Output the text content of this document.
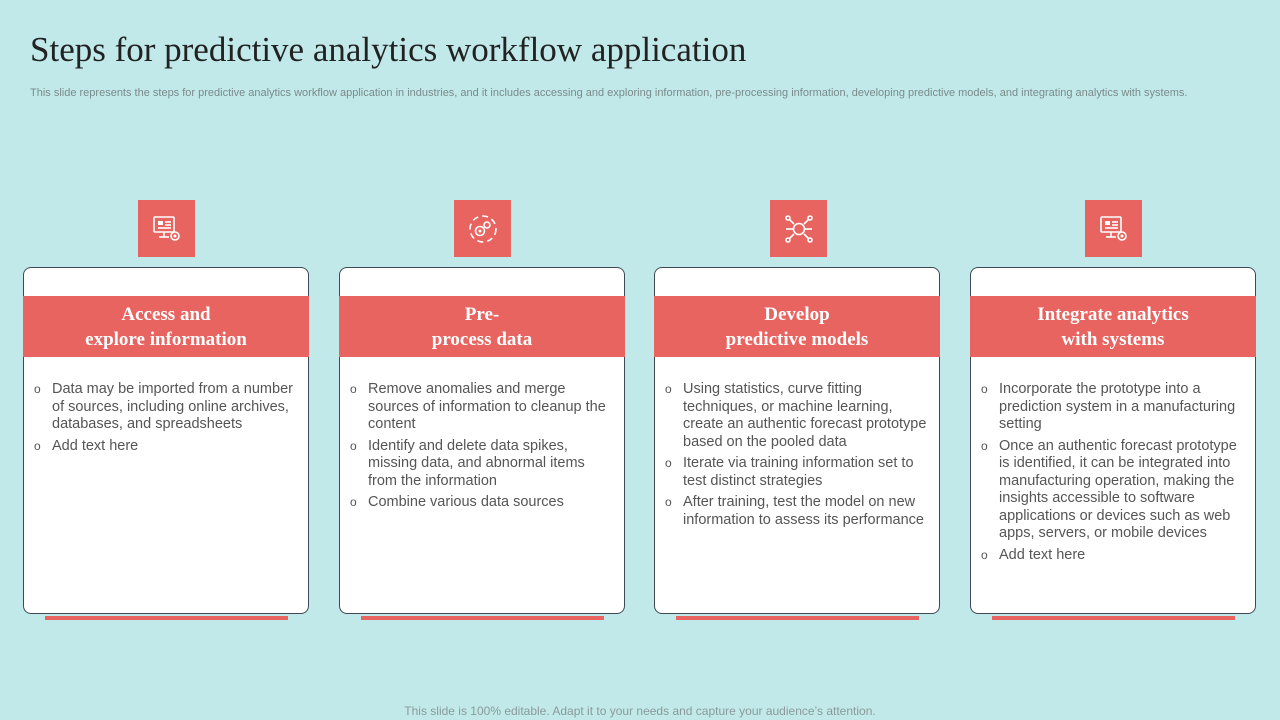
Steps for predictive analytics workflow application
This slide represents the steps for predictive analytics workflow application in industries, and it includes accessing and exploring information, pre-processing information, developing predictive models, and integrating analytics with systems.
Access and
explore information
o Data may be imported from a number of sources, including online archives, databases, and spreadsheets
o Add text here
Pre-
process data
o Remove anomalies and merge sources of information to cleanup the content
o Identify and delete data spikes, missing data, and abnormal items from the information
o Combine various data sources
Develop
predictive models
o Using statistics, curve fitting techniques, or machine learning, create an authentic forecast prototype based on the pooled data
o Iterate via training information set to test distinct strategies
o After training, test the model on new information to assess its performance
Integrate analytics
with systems
o Incorporate the prototype into a prediction system in a manufacturing setting
o Once an authentic forecast prototype is identified, it can be integrated into manufacturing operation, making the insights accessible to software applications or devices such as web apps, servers, or mobile devices
o Add text here
This slide is 100% editable. Adapt it to your needs and capture your audience’s attention.
